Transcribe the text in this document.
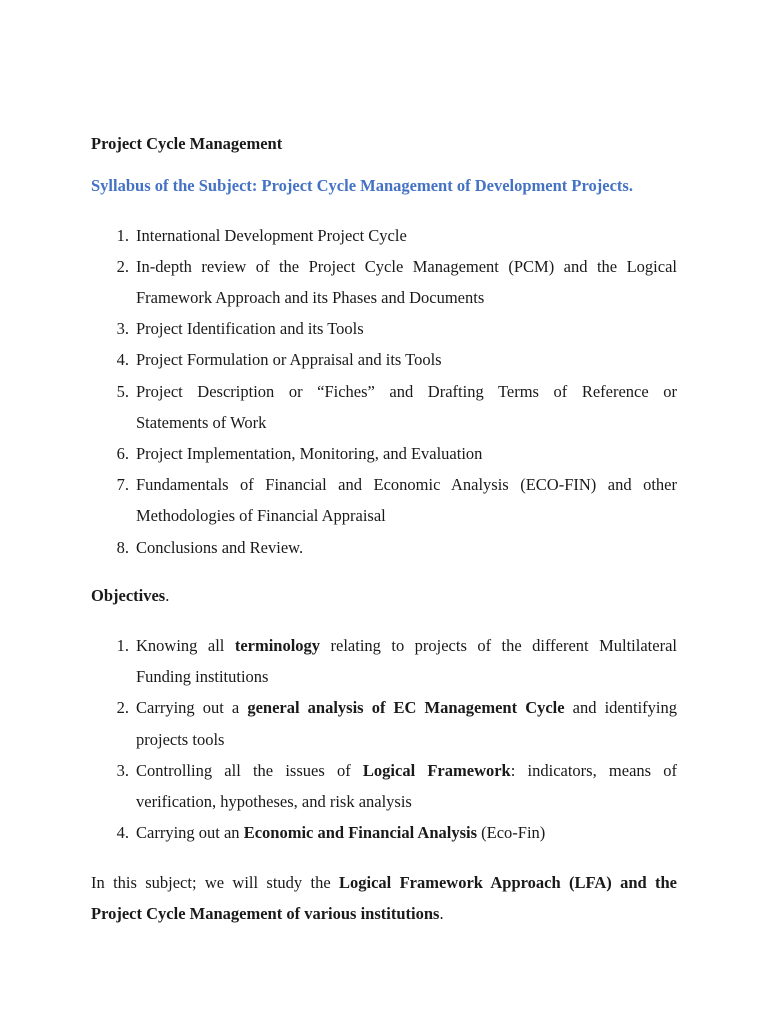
Project Cycle Management
Syllabus of the Subject: Project Cycle Management of Development Projects.
1. International Development Project Cycle
2. In-depth review of the Project Cycle Management (PCM) and the Logical
Framework Approach and its Phases and Documents
3. Project Identification and its Tools
4. Project Formulation or Appraisal and its Tools
5. Project Description or “Fiches” and Drafting Terms of Reference or
Statements of Work
6. Project Implementation, Monitoring, and Evaluation
7. Fundamentals of Financial and Economic Analysis (ECO-FIN) and other
Methodologies of Financial Appraisal
8. Conclusions and Review.
Objectives.
1. Knowing all terminology relating to projects of the different Multilateral
Funding institutions
2. Carrying out a general analysis of EC Management Cycle and identifying
projects tools
3. Controlling all the issues of Logical Framework: indicators, means of
verification, hypotheses, and risk analysis
4. Carrying out an Economic and Financial Analysis (Eco-Fin)
In this subject; we will study the Logical Framework Approach (LFA) and the
Project Cycle Management of various institutions.
